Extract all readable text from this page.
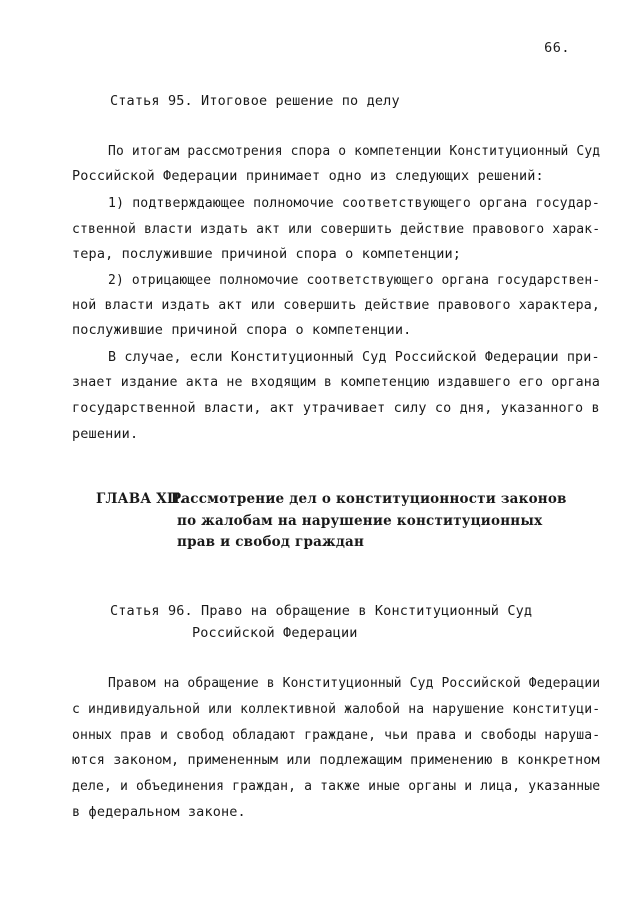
66.
Статья 95. Итоговое решение по делу
По итогам рассмотрения спора о компетенции Конституционный Суд
Российской Федерации принимает одно из следующих решений:
1) подтверждающее полномочие соответствующего органа государ-
ственной власти издать акт или совершить действие правового харак-
тера, послужившие причиной спора о компетенции;
2) отрицающее полномочие соответствующего органа государствен-
ной власти издать акт или совершить действие правового характера,
послужившие причиной спора о компетенции.
В случае, если Конституционный Суд Российской Федерации при-
знает издание акта не входящим в компетенцию издавшего его органа
государственной власти, акт утрачивает силу со дня, указанного в
решении.
ГЛАВА ХП.
Рассмотрение дел о конституционности законов
по жалобам на нарушение конституционных
прав и свобод граждан
Статья 96. Право на обращение в Конституционный Суд
Российской Федерации
Правом на обращение в Конституционный Суд Российской Федерации
с индивидуальной или коллективной жалобой на нарушение конституци-
онных прав и свобод обладают граждане, чьи права и свободы наруша-
ются законом, примененным или подлежащим применению в конкретном
деле, и объединения граждан, а также иные органы и лица, указанные
в федеральном законе.
